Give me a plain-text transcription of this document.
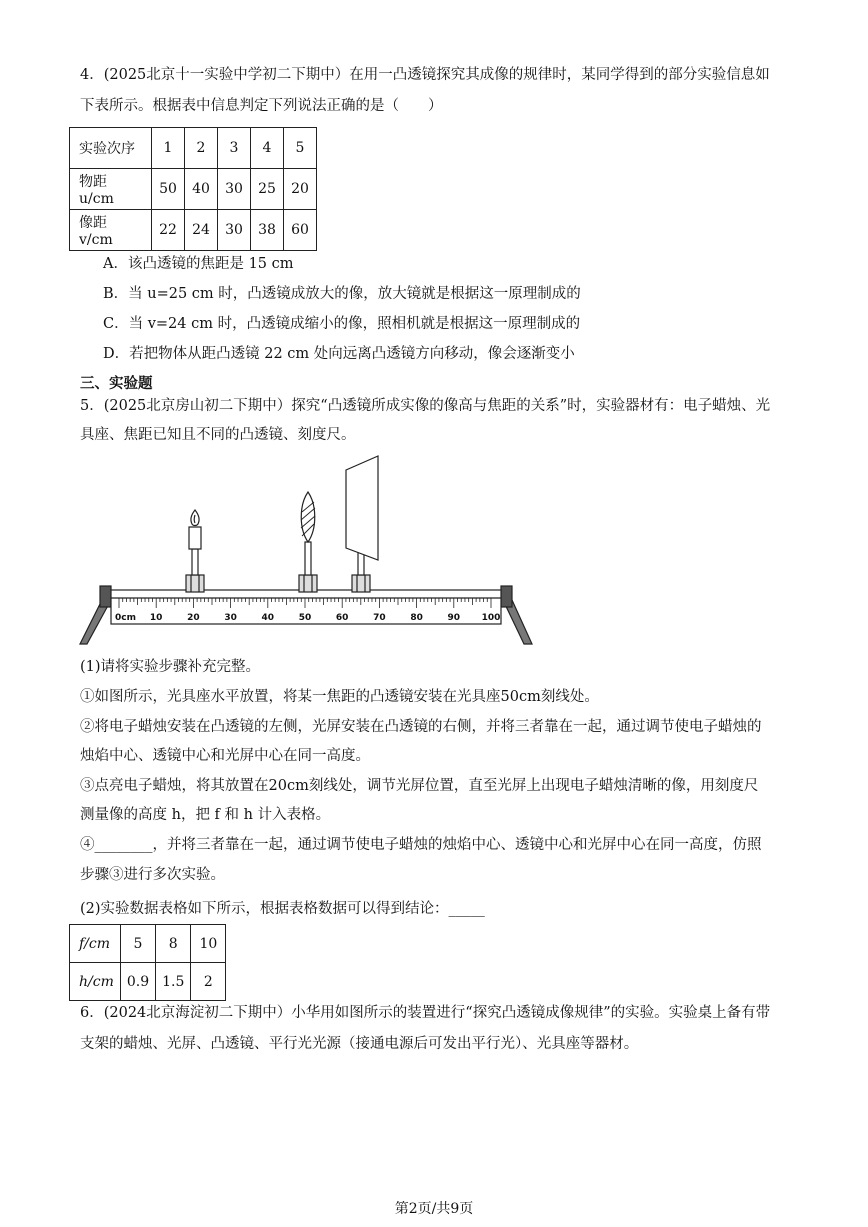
4．(2025北京十一实验中学初二下期中）在用一凸透镜探究其成像的规律时，某同学得到的部分实验信息如

下表所示。根据表中信息判定下列说法正确的是（　　）

实验次序	1	2	3	4	5
物距 u/cm	50	40	30	25	20
像距 v/cm	22	24	30	38	60

A．该凸透镜的焦距是 15 cm

B．当 u=25 cm 时，凸透镜成放大的像，放大镜就是根据这一原理制成的

C．当 v=24 cm 时，凸透镜成缩小的像，照相机就是根据这一原理制成的

D．若把物体从距凸透镜 22 cm 处向远离凸透镜方向移动，像会逐渐变小

三、实验题

5．(2025北京房山初二下期中）探究“凸透镜所成实像的像高与焦距的关系”时，实验器材有：电子蜡烛、光

具座、焦距已知且不同的凸透镜、刻度尺。

0cm 10	20	30	40	50	60	70	80	90 100

(1)请将实验步骤补充完整。

①如图所示，光具座水平放置，将某一焦距的凸透镜安装在光具座50cm刻线处。

②将电子蜡烛安装在凸透镜的左侧，光屏安装在凸透镜的右侧，并将三者靠在一起，通过调节使电子蜡烛的

烛焰中心、透镜中心和光屏中心在同一高度。

③点亮电子蜡烛，将其放置在20cm刻线处，调节光屏位置，直至光屏上出现电子蜡烛清晰的像，用刻度尺

测量像的高度 h，把 f 和 h 计入表格。

④________，并将三者靠在一起，通过调节使电子蜡烛的烛焰中心、透镜中心和光屏中心在同一高度，仿照

步骤③进行多次实验。

(2)实验数据表格如下所示，根据表格数据可以得到结论：_____

f/cm	5	8	10
h/cm	0.9	1.5	2

6．(2024北京海淀初二下期中）小华用如图所示的装置进行“探究凸透镜成像规律”的实验。实验桌上备有带

支架的蜡烛、光屏、凸透镜、平行光光源（接通电源后可发出平行光）、光具座等器材。

第2页/共9页
